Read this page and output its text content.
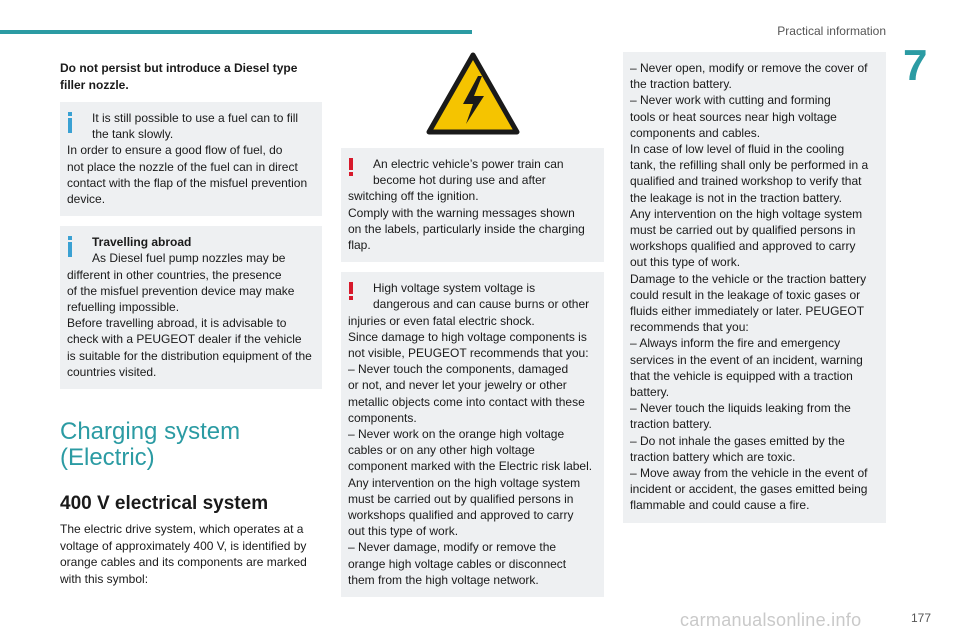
Practical information
7

Do not persist but introduce a Diesel type
filler nozzle.

It is still possible to use a fuel can to fill
the tank slowly.
In order to ensure a good flow of fuel, do
not place the nozzle of the fuel can in direct
contact with the flap of the misfuel prevention
device.
Travelling abroad
As Diesel fuel pump nozzles may be
different in other countries, the presence
of the misfuel prevention device may make
refuelling impossible.
Before travelling abroad, it is advisable to
check with a PEUGEOT dealer if the vehicle
is suitable for the distribution equipment of the
countries visited.
Charging system
(Electric)
400 V electrical system

The electric drive system, which operates at a
voltage of approximately 400 V, is identified by
orange cables and its components are marked
with this symbol:

An electric vehicle’s power train can
become hot during use and after
switching off the ignition.
Comply with the warning messages shown
on the labels, particularly inside the charging
flap.
High voltage system voltage is
dangerous and can cause burns or other
injuries or even fatal electric shock.
Since damage to high voltage components is
not visible, PEUGEOT recommends that you:
– Never touch the components, damaged
or not, and never let your jewelry or other
metallic objects come into contact with these
components.
– Never work on the orange high voltage
cables or on any other high voltage
component marked with the Electric risk label.
Any intervention on the high voltage system
must be carried out by qualified persons in
workshops qualified and approved to carry
out this type of work.
– Never damage, modify or remove the
orange high voltage cables or disconnect
them from the high voltage network.
– Never open, modify or remove the cover of
the traction battery.
– Never work with cutting and forming
tools or heat sources near high voltage
components and cables.
In case of low level of fluid in the cooling
tank, the refilling shall only be performed in a
qualified and trained workshop to verify that
the leakage is not in the traction battery.
Any intervention on the high voltage system
must be carried out by qualified persons in
workshops qualified and approved to carry
out this type of work.
Damage to the vehicle or the traction battery
could result in the leakage of toxic gases or
fluids either immediately or later. PEUGEOT
recommends that you:
– Always inform the fire and emergency
services in the event of an incident, warning
that the vehicle is equipped with a traction
battery.
– Never touch the liquids leaking from the
traction battery.
– Do not inhale the gases emitted by the
traction battery which are toxic.
– Move away from the vehicle in the event of
incident or accident, the gases emitted being
flammable and could cause a fire.
carmanualsonline.info	177
